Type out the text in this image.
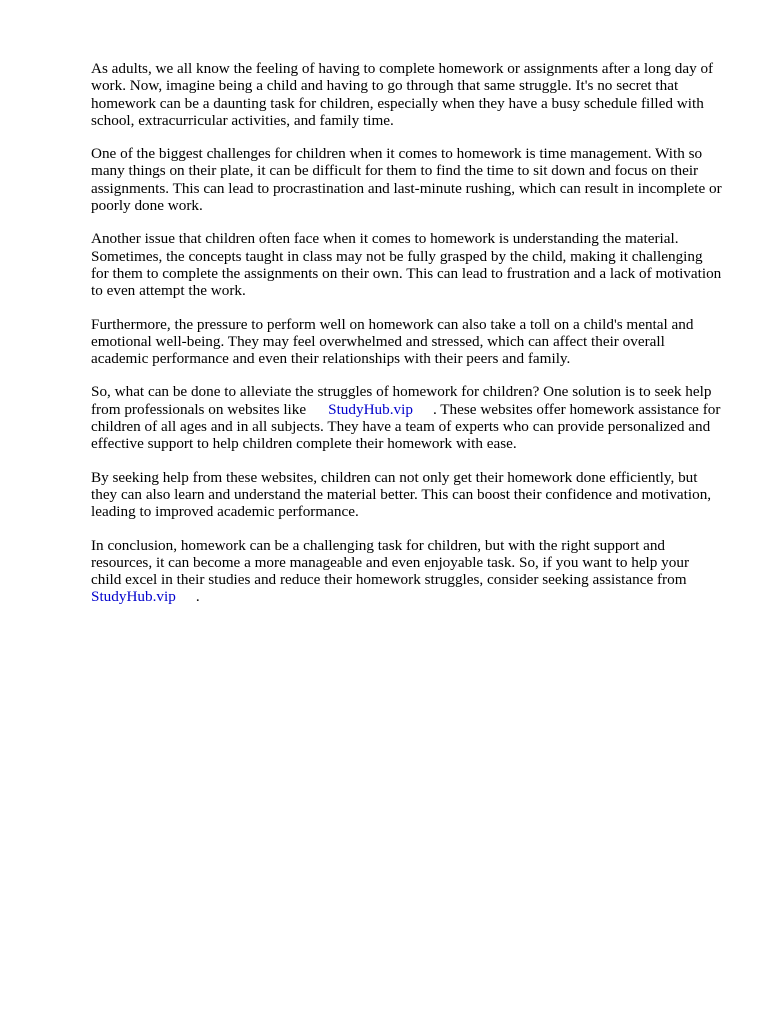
As adults, we all know the feeling of having to complete homework or assignments after a long day of work. Now, imagine being a child and having to go through that same struggle. It's no secret that homework can be a daunting task for children, especially when they have a busy schedule filled with school, extracurricular activities, and family time.

One of the biggest challenges for children when it comes to homework is time management. With so many things on their plate, it can be difficult for them to find the time to sit down and focus on their assignments. This can lead to procrastination and last-minute rushing, which can result in incomplete or poorly done work.

Another issue that children often face when it comes to homework is understanding the material. Sometimes, the concepts taught in class may not be fully grasped by the child, making it challenging for them to complete the assignments on their own. This can lead to frustration and a lack of motivation to even attempt the work.

Furthermore, the pressure to perform well on homework can also take a toll on a child's mental and emotional well-being. They may feel overwhelmed and stressed, which can affect their overall academic performance and even their relationships with their peers and family.

So, what can be done to alleviate the struggles of homework for children? One solution is to seek help from professionals on websites like StudyHub.vip . These websites offer homework assistance for children of all ages and in all subjects. They have a team of experts who can provide personalized and effective support to help children complete their homework with ease.

By seeking help from these websites, children can not only get their homework done efficiently, but they can also learn and understand the material better. This can boost their confidence and motivation, leading to improved academic performance.

In conclusion, homework can be a challenging task for children, but with the right support and resources, it can become a more manageable and even enjoyable task. So, if you want to help your child excel in their studies and reduce their homework struggles, consider seeking assistance from
StudyHub.vip .
